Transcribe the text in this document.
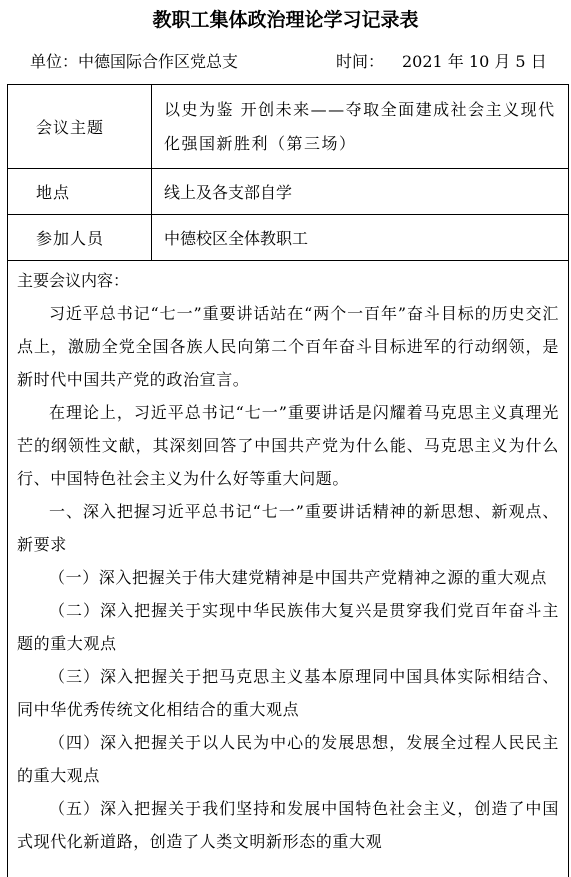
教职工集体政治理论学习记录表
单位：中德国际合作区党总支	时间： 2021 年 10 月 5 日
会议主题	以史为鉴 开创未来——夺取全面建成社会主义现代化强国新胜利（第三场）
地点	线上及各支部自学
参加人员	中德校区全体教职工
主要会议内容：

习近平总书记“七一”重要讲话站在“两个一百年”奋斗目标的历史交汇点上，激励全党全国各族人民向第二个百年奋斗目标进军的行动纲领，是新时代中国共产党的政治宣言。

在理论上，习近平总书记“七一”重要讲话是闪耀着马克思主义真理光芒的纲领性文献，其深刻回答了中国共产党为什么能、马克思主义为什么行、中国特色社会主义为什么好等重大问题。

一、深入把握习近平总书记“七一”重要讲话精神的新思想、新观点、新要求

（一）深入把握关于伟大建党精神是中国共产党精神之源的重大观点

（二）深入把握关于实现中华民族伟大复兴是贯穿我们党百年奋斗主题的重大观点

（三）深入把握关于把马克思主义基本原理同中国具体实际相结合、同中华优秀传统文化相结合的重大观点

（四）深入把握关于以人民为中心的发展思想，发展全过程人民民主的重大观点

（五）深入把握关于我们坚持和发展中国特色社会主义，创造了中国式现代化新道路，创造了人类文明新形态的重大观
